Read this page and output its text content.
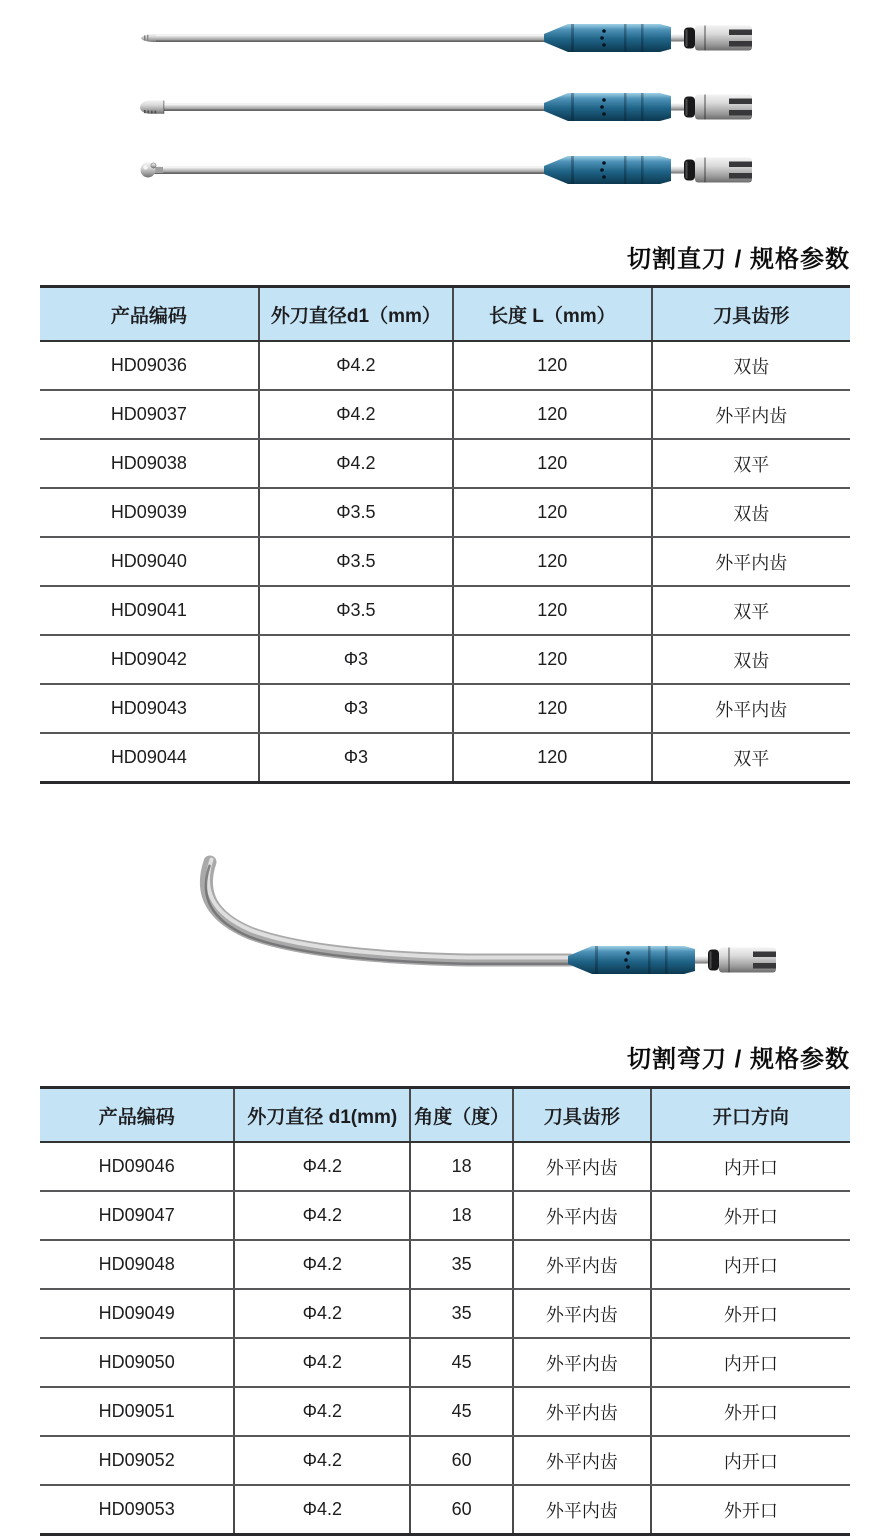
切割直刀 / 规格参数
产品编码	外刀直径d1（mm）	长度 L（mm）	刀具齿形
HD09036	Φ4.2	120	双齿
HD09037	Φ4.2	120	外平内齿
HD09038	Φ4.2	120	双平
HD09039	Φ3.5	120	双齿
HD09040	Φ3.5	120	外平内齿
HD09041	Φ3.5	120	双平
HD09042	Φ3	120	双齿
HD09043	Φ3	120	外平内齿
HD09044	Φ3	120	双平
切割弯刀 / 规格参数
产品编码	外刀直径 d1(mm)	角度（度）	刀具齿形	开口方向
HD09046	Φ4.2	18	外平内齿	内开口
HD09047	Φ4.2	18	外平内齿	外开口
HD09048	Φ4.2	35	外平内齿	内开口
HD09049	Φ4.2	35	外平内齿	外开口
HD09050	Φ4.2	45	外平内齿	内开口
HD09051	Φ4.2	45	外平内齿	外开口
HD09052	Φ4.2	60	外平内齿	内开口
HD09053	Φ4.2	60	外平内齿	外开口
